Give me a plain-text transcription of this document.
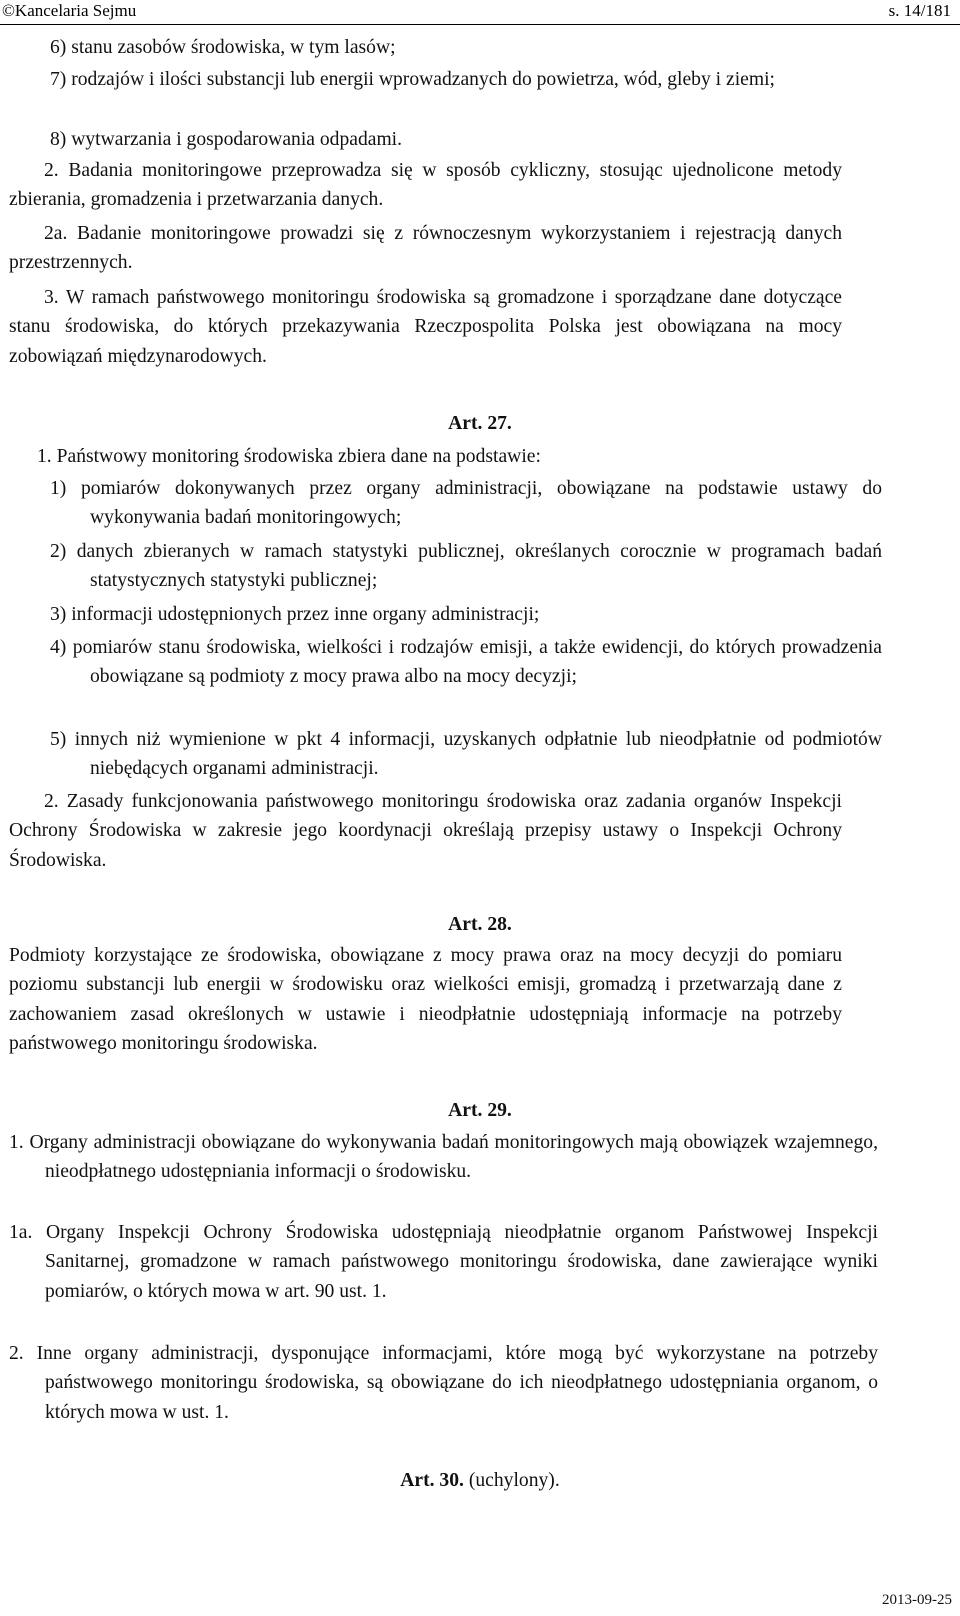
©Kancelaria Sejmu	s. 14/181

6) stanu zasobów środowiska, w tym lasów;

7) rodzajów i ilości substancji lub energii wprowadzanych do powietrza, wód, gleby i ziemi;

8) wytwarzania i gospodarowania odpadami.

2. Badania monitoringowe przeprowadza się w sposób cykliczny, stosując ujednolicone metody zbierania, gromadzenia i przetwarzania danych.

2a. Badanie monitoringowe prowadzi się z równoczesnym wykorzystaniem i rejestracją danych przestrzennych.

3. W ramach państwowego monitoringu środowiska są gromadzone i sporządzane dane dotyczące stanu środowiska, do których przekazywania Rzeczpospolita Polska jest obowiązana na mocy zobowiązań międzynarodowych.

Art. 27.

1. Państwowy monitoring środowiska zbiera dane na podstawie:

1) pomiarów dokonywanych przez organy administracji, obowiązane na podstawie ustawy do wykonywania badań monitoringowych;

2) danych zbieranych w ramach statystyki publicznej, określanych corocznie w programach badań statystycznych statystyki publicznej;

3) informacji udostępnionych przez inne organy administracji;

4) pomiarów stanu środowiska, wielkości i rodzajów emisji, a także ewidencji, do których prowadzenia obowiązane są podmioty z mocy prawa albo na mocy decyzji;

5) innych niż wymienione w pkt 4 informacji, uzyskanych odpłatnie lub nieodpłatnie od podmiotów niebędących organami administracji.

2. Zasady funkcjonowania państwowego monitoringu środowiska oraz zadania organów Inspekcji Ochrony Środowiska w zakresie jego koordynacji określają przepisy ustawy o Inspekcji Ochrony Środowiska.

Art. 28.

Podmioty korzystające ze środowiska, obowiązane z mocy prawa oraz na mocy decyzji do pomiaru poziomu substancji lub energii w środowisku oraz wielkości emisji, gromadzą i przetwarzają dane z zachowaniem zasad określonych w ustawie i nieodpłatnie udostępniają informacje na potrzeby państwowego monitoringu środowiska.

Art. 29.

1. Organy administracji obowiązane do wykonywania badań monitoringowych mają obowiązek wzajemnego, nieodpłatnego udostępniania informacji o środowisku.

1a. Organy Inspekcji Ochrony Środowiska udostępniają nieodpłatnie organom Państwowej Inspekcji Sanitarnej, gromadzone w ramach państwowego monitoringu środowiska, dane zawierające wyniki pomiarów, o których mowa w art. 90 ust. 1.

2. Inne organy administracji, dysponujące informacjami, które mogą być wykorzystane na potrzeby państwowego monitoringu środowiska, są obowiązane do ich nieodpłatnego udostępniania organom, o których mowa w ust. 1.

Art. 30. (uchylony).

2013-09-25
